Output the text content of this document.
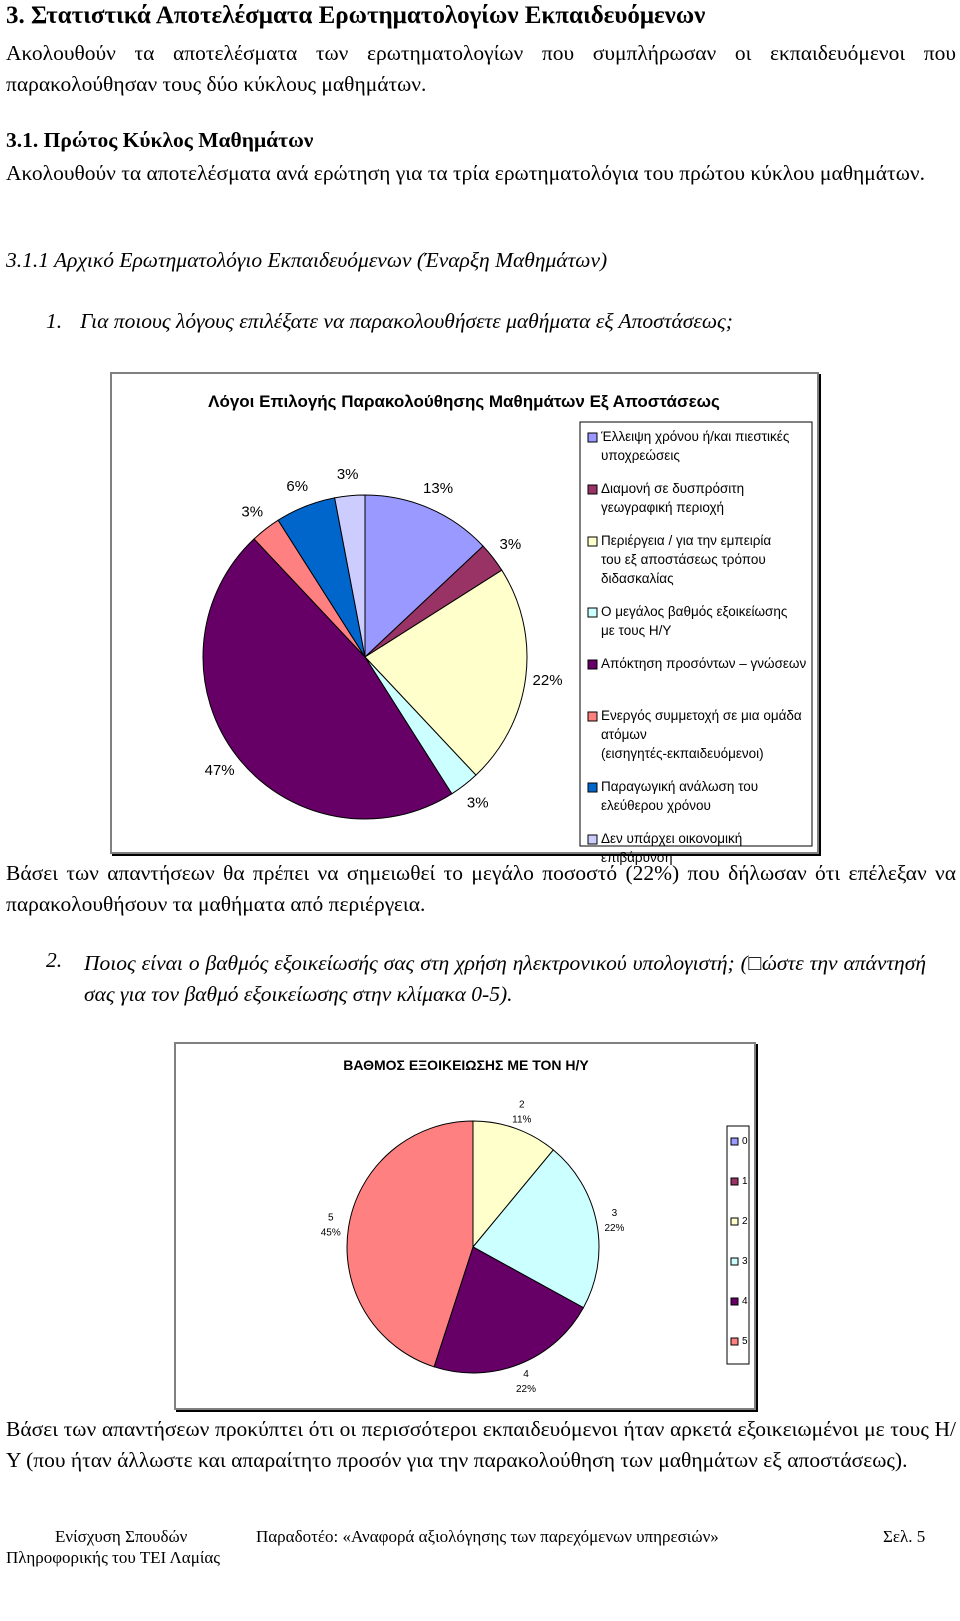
3. Στατιστικά Αποτελέσματα Ερωτηματολογίων Εκπαιδευόμενων
Ακολουθούν τα αποτελέσματα των ερωτηματολογίων που συμπλήρωσαν οι εκπαιδευόμενοι που παρακολούθησαν τους δύο κύκλους μαθημάτων.
3.1. Πρώτος Κύκλος Μαθημάτων
Ακολουθούν τα αποτελέσματα ανά ερώτηση για τα τρία ερωτηματολόγια του πρώτου κύκλου μαθημάτων.
3.1.1 Αρχικό Ερωτηματολόγιο Εκπαιδευόμενων (Έναρξη Μαθημάτων)
1. Για ποιους λόγους επιλέξατε να παρακολουθήσετε μαθήματα εξ Αποστάσεως;
Λόγοι Επιλογής Παρακολούθησης Μαθημάτων Εξ Αποστάσεως
13%
3%
22%
3%
47%
3%
6%
3%
Έλλειψη χρόνου ή/και πιεστικές
υποχρεώσεις
Διαμονή σε δυσπρόσιτη
γεωγραφική περιοχή
Περιέργεια / για την εμπειρία
του εξ αποστάσεως τρόπου
διδασκαλίας
Ο μεγάλος βαθμός εξοικείωσης
με τους Η/Υ
Απόκτηση προσόντων – γνώσεων
Ενεργός συμμετοχή σε μια ομάδα
ατόμων
(εισηγητές-εκπαιδευόμενοι)
Παραγωγική ανάλωση του
ελεύθερου χρόνου
Δεν υπάρχει οικονομική
επιβάρυνση
Βάσει των απαντήσεων θα πρέπει να σημειωθεί το μεγάλο ποσοστό (22%) που δήλωσαν ότι επέλεξαν να παρακολουθήσουν τα μαθήματα από περιέργεια.
2. Ποιος είναι ο βαθμός εξοικείωσής σας στη χρήση ηλεκτρονικού υπολογιστή; (□ώστε την απάντησή σας για τον βαθμό εξοικείωσης στην κλίμακα 0-5).
ΒΑΘΜΟΣ ΕΞΟΙΚΕΙΩΣΗΣ ΜΕ ΤΟΝ Η/Υ
2
11%
3
22%
4
22%
5
45%
0
1
2
3
4
5
Βάσει των απαντήσεων προκύπτει ότι οι περισσότεροι εκπαιδευόμενοι ήταν αρκετά εξοικειωμένοι με τους Η/Υ (που ήταν άλλωστε και απαραίτητο προσόν για την παρακολούθηση των μαθημάτων εξ αποστάσεως).
Ενίσχυση Σπουδών
Πληροφορικής του ΤΕΙ Λαμίας
Παραδοτέο: «Αναφορά αξιολόγησης των παρεχόμενων υπηρεσιών»	Σελ. 5
